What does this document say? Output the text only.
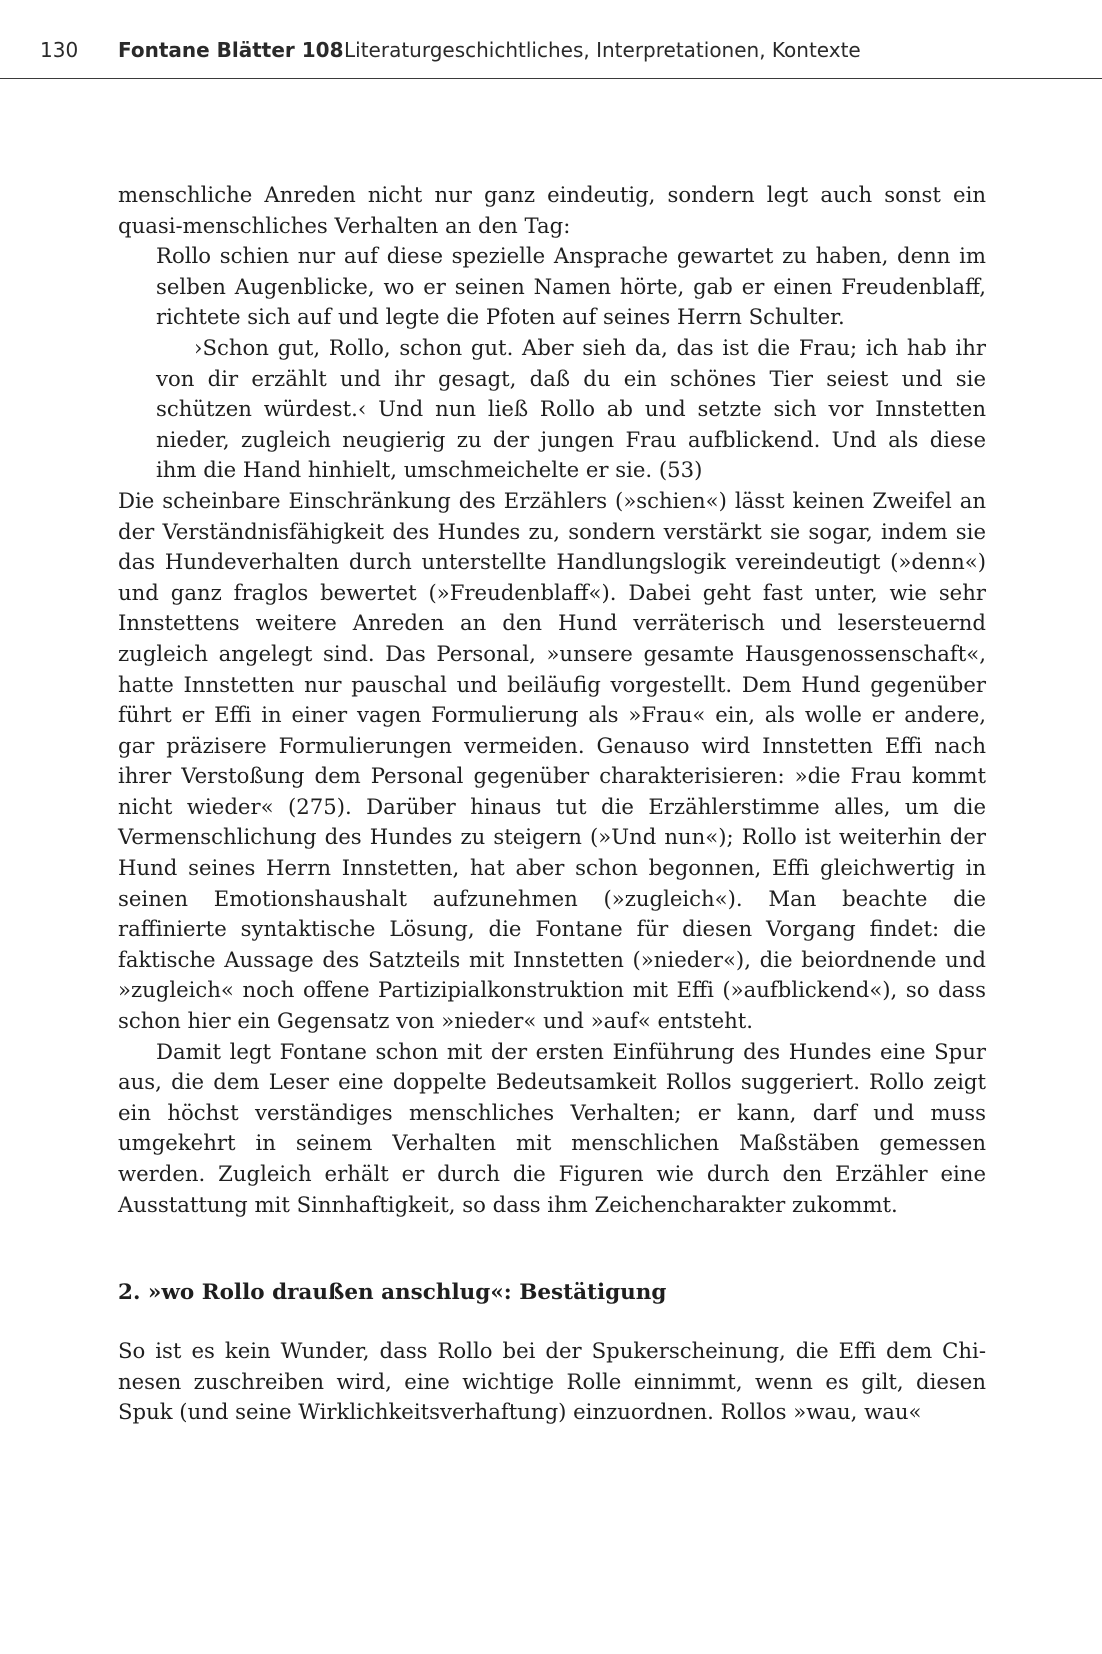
130 Fontane Blätter 108 Literaturgeschichtliches, Interpretationen, Kontexte

menschliche Anreden nicht nur ganz eindeutig, sondern legt auch sonst ein quasi-menschliches Verhalten an den Tag:

Rollo schien nur auf diese spezielle Ansprache gewartet zu haben, denn im selben Augenblicke, wo er seinen Namen hörte, gab er einen Freudenblaff, richtete sich auf und legte die Pfoten auf seines Herrn Schulter.

›Schon gut, Rollo, schon gut. Aber sieh da, das ist die Frau; ich hab ihr von dir erzählt und ihr gesagt, daß du ein schönes Tier seiest und sie schützen würdest.‹ Und nun ließ Rollo ab und setzte sich vor Innstetten nieder, zugleich neugierig zu der jungen Frau aufblickend. Und als diese ihm die Hand hinhielt, umschmeichelte er sie. (53)

Die scheinbare Einschränkung des Erzählers (»schien«) lässt keinen Zweifel an der Verständnisfähigkeit des Hundes zu, sondern verstärkt sie sogar, indem sie das Hundeverhalten durch unterstellte Handlungslogik vereindeutigt (»denn«) und ganz fraglos bewertet (»Freudenblaff«). Dabei geht fast unter, wie sehr Innstettens weitere Anreden an den Hund verräterisch und lesersteuernd zugleich angelegt sind. Das Personal, »unsere gesamte Hausgenossenschaft«, hatte Innstetten nur pauschal und beiläufig vorgestellt. Dem Hund gegenüber führt er Effi in einer vagen Formulierung als »Frau« ein, als wolle er andere, gar präzisere Formulierungen vermeiden. Genauso wird Innstetten Effi nach ihrer Verstoßung dem Personal gegenüber charakterisieren: »die Frau kommt nicht wieder« (275). Darüber hinaus tut die Erzählerstimme alles, um die Vermenschlichung des Hundes zu steigern (»Und nun«); Rollo ist weiterhin der Hund seines Herrn Innstetten, hat aber schon begonnen, Effi gleichwertig in seinen Emotionshaushalt aufzunehmen (»zugleich«). Man beachte die raffinierte syntaktische Lösung, die Fontane für diesen Vorgang findet: die faktische Aussage des Satzteils mit Innstetten (»nieder«), die beiordnende und »zugleich« noch offene Partizipialkonstruktion mit Effi (»aufblickend«), so dass schon hier ein Gegensatz von »nieder« und »auf« entsteht.

Damit legt Fontane schon mit der ersten Einführung des Hundes eine Spur aus, die dem Leser eine doppelte Bedeutsamkeit Rollos suggeriert. Rollo zeigt ein höchst verständiges menschliches Verhalten; er kann, darf und muss umgekehrt in seinem Verhalten mit menschlichen Maßstäben gemessen werden. Zugleich erhält er durch die Figuren wie durch den Erzähler eine Ausstattung mit Sinnhaftigkeit, so dass ihm Zeichencharakter zukommt.

2. »wo Rollo draußen anschlug«: Bestätigung

So ist es kein Wunder, dass Rollo bei der Spukerscheinung, die Effi dem Chinesen zuschreiben wird, eine wichtige Rolle einnimmt, wenn es gilt, diesen Spuk (und seine Wirklichkeitsverhaftung) einzuordnen. Rollos »wau, wau«
